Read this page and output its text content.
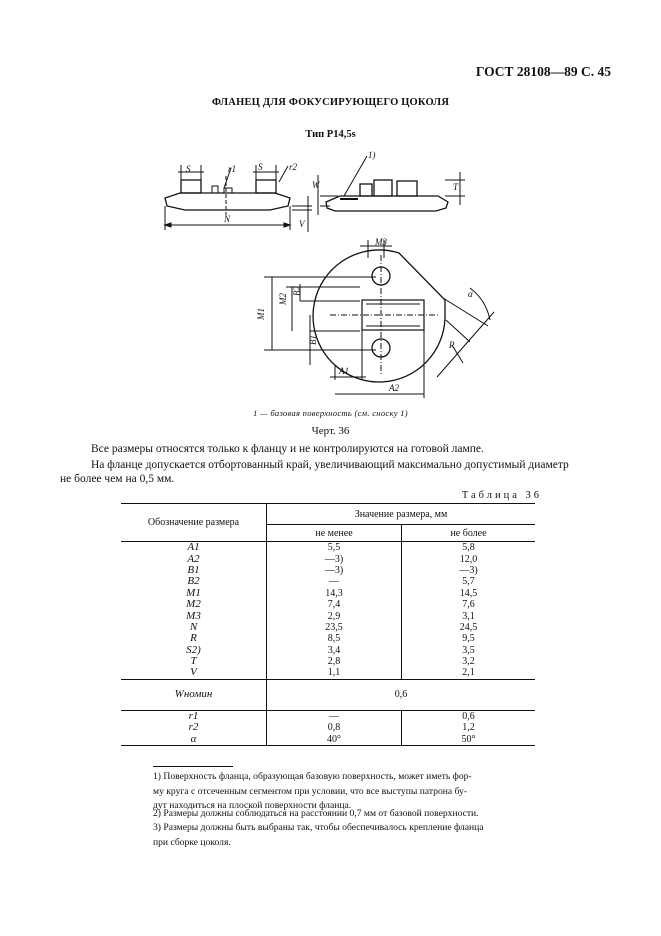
ГОСТ 28108—89 С. 45
ФЛАНЕЦ ДЛЯ ФОКУСИРУЮЩЕГО ЦОКОЛЯ
Тип Р14,5s
S	r1 S	r2
N	V
1)
W	T
M3
B2
M2
M1
B1
α
R
A1
A2
1 — базовая поверхность (см. сноску 1)
Черт. 36
Все размеры относятся только к фланцу и не контролируются на готовой лампе.
На фланце допускается отбортованный край, увеличивающий максимально допустимый диаметр
не более чем на 0,5 мм.
Таблица 36
Обозначение размера	Значение размера, мм	
	не менее	не более
A1	5,5	5,8
A2	—3)	12,0
B1	—3)	—3)
B2	—	5,7
M1	14,3	14,5
M2	7,4	7,6
M3	2,9	3,1
N	23,5	24,5
R	8,5	9,5
S2)	3,4	3,5
T	2,8	3,2
V	1,1	2,1
Wномин	0,6	
r1	—	0,6
r2	0,8	1,2
α	40°	50°
1) Поверхность фланца, образующая базовую поверхность, может иметь фор-
му круга с отсеченным сегментом при условии, что все выступы патрона бу-
дут находиться на плоской поверхности фланца.
2) Размеры должны соблюдаться на расстоянии 0,7 мм от базовой поверхности.
3) Размеры должны быть выбраны так, чтобы обеспечивалось крепление фланца
при сборке цоколя.
